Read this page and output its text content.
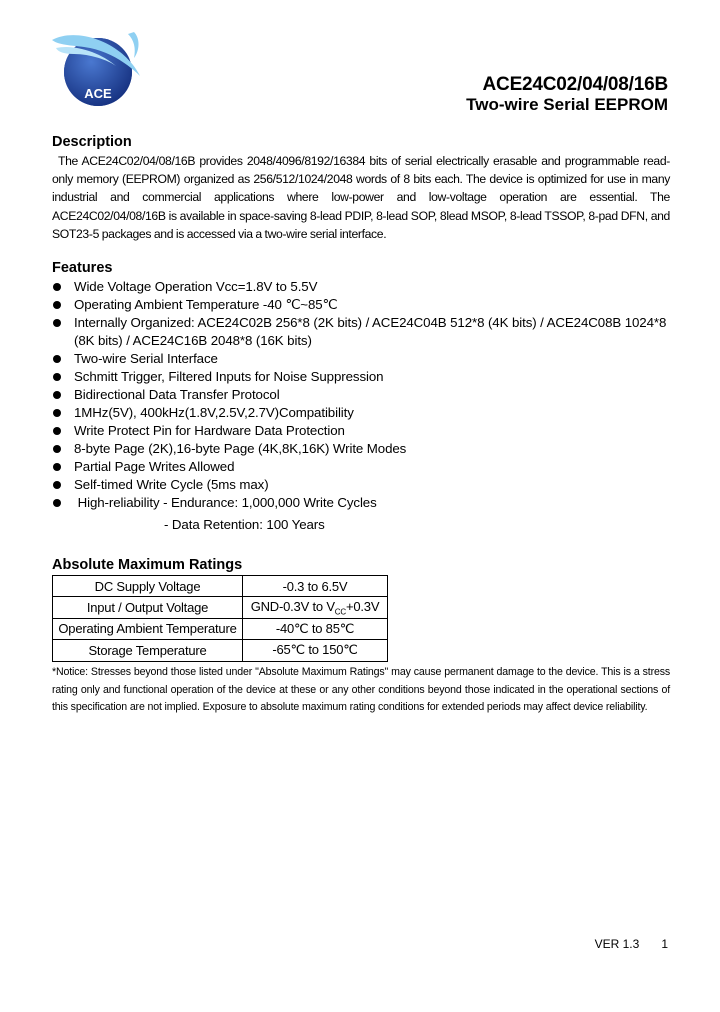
ACE	ACE24C02/04/08/16B
Two-wire Serial EEPROM
Description
The ACE24C02/04/08/16B provides 2048/4096/8192/16384 bits of serial electrically erasable and programmable read-only memory (EEPROM) organized as 256/512/1024/2048 words of 8 bits each. The device is optimized for use in many industrial and commercial applications where low-power and low-voltage operation are essential. The ACE24C02/04/08/16B is available in space-saving 8-lead PDIP, 8-lead SOP, 8lead MSOP, 8-lead TSSOP, 8-pad DFN, and SOT23-5 packages and is accessed via a two-wire serial interface.
Features
Wide Voltage Operation Vcc=1.8V to 5.5V
Operating Ambient Temperature -40 ℃~85℃
Internally Organized: ACE24C02B 256*8 (2K bits) / ACE24C04B 512*8 (4K bits) / ACE24C08B 1024*8 (8K bits) / ACE24C16B 2048*8 (16K bits)
Two-wire Serial Interface
Schmitt Trigger, Filtered Inputs for Noise Suppression
Bidirectional Data Transfer Protocol
1MHz(5V), 400kHz(1.8V,2.5V,2.7V)Compatibility
Write Protect Pin for Hardware Data Protection
8-byte Page (2K),16-byte Page (4K,8K,16K) Write Modes
Partial Page Writes Allowed
Self-timed Write Cycle (5ms max)
High-reliability - Endurance: 1,000,000 Write Cycles
- Data Retention: 100 Years
Absolute Maximum Ratings
DC Supply Voltage	-0.3 to 6.5V
Input / Output Voltage	GND-0.3V to $V_{CC}+0.3V$
Operating Ambient Temperature	-40℃ to 85℃
Storage Temperature	-65℃ to 150℃
*Notice: Stresses beyond those listed under "Absolute Maximum Ratings" may cause permanent damage to the device. This is a stress rating only and functional operation of the device at these or any other conditions beyond those indicated in the operational sections of this specification are not implied. Exposure to absolute maximum rating conditions for extended periods may affect device reliability.
VER 1.3 1
